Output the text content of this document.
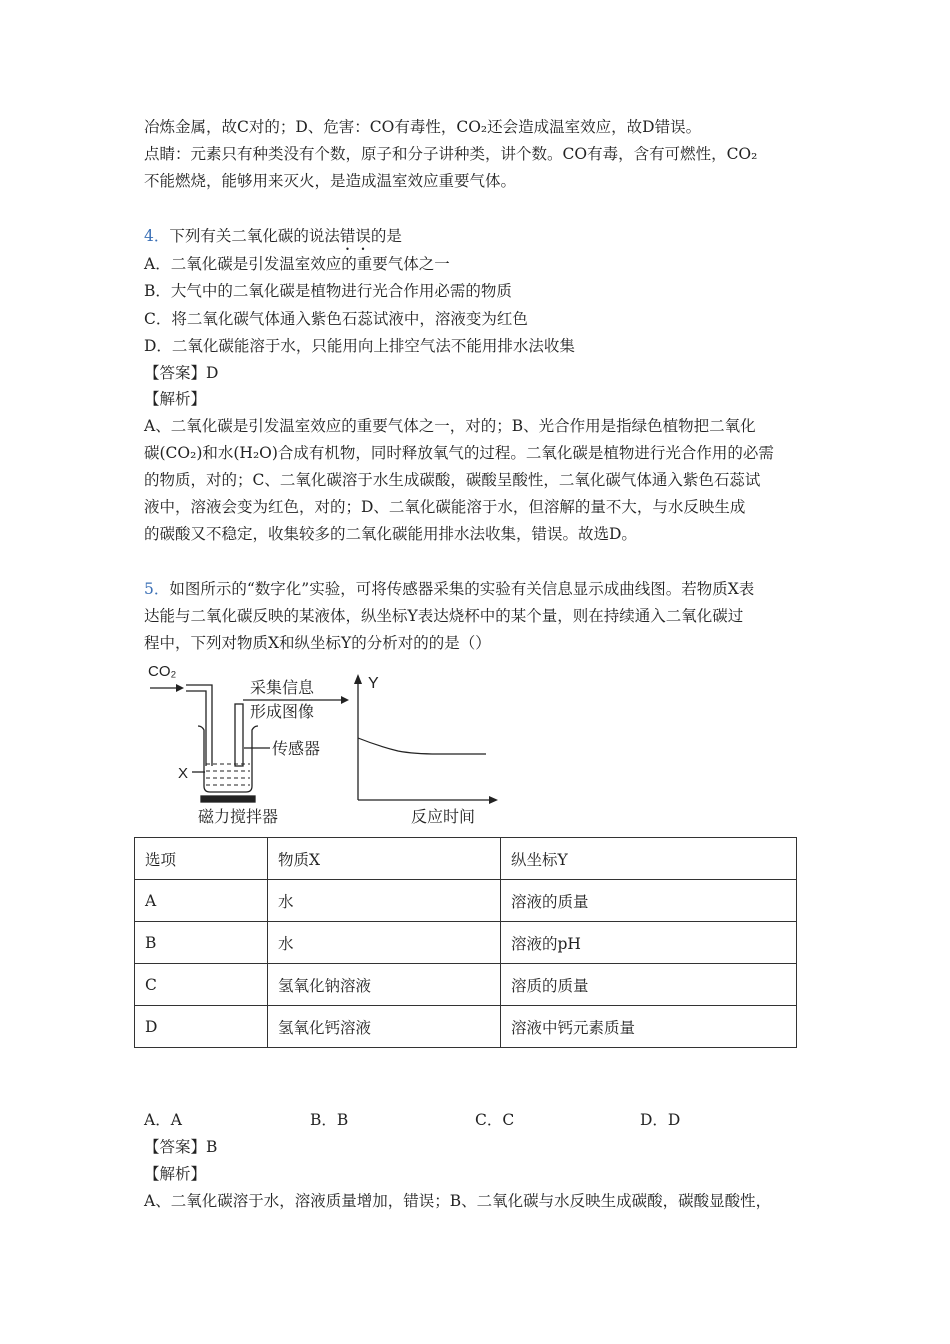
冶炼金属，故C对的；D、危害：CO有毒性，CO₂还会造成温室效应，故D错误。
点睛：元素只有种类没有个数，原子和分子讲种类，讲个数。CO有毒，含有可燃性，CO₂
不能燃烧，能够用来灭火，是造成温室效应重要气体。
4．下列有关二氧化碳的说法错误的是
A．二氧化碳是引发温室效应的重要气体之一
B．大气中的二氧化碳是植物进行光合作用必需的物质
C．将二氧化碳气体通入紫色石蕊试液中，溶液变为红色
D．二氧化碳能溶于水，只能用向上排空气法不能用排水法收集
【答案】D
【解析】
A、二氧化碳是引发温室效应的重要气体之一，对的；B、光合作用是指绿色植物把二氧化
碳(CO₂)和水(H₂O)合成有机物，同时释放氧气的过程。二氧化碳是植物进行光合作用的必需
的物质，对的；C、二氧化碳溶于水生成碳酸，碳酸呈酸性，二氧化碳气体通入紫色石蕊试
液中，溶液会变为红色，对的；D、二氧化碳能溶于水，但溶解的量不大，与水反映生成
的碳酸又不稳定，收集较多的二氧化碳能用排水法收集，错误。故选D。
5．如图所示的“数字化”实验，可将传感器采集的实验有关信息显示成曲线图。若物质X表
达能与二氧化碳反映的某液体，纵坐标Y表达烧杯中的某个量，则在持续通入二氧化碳过
程中，下列对物质X和纵坐标Y的分析对的的是（）
CO₂
X
采集信息
形成图像
传感器
磁力搅拌器
Y
反应时间
选项	物质X	纵坐标Y
A	水	溶液的质量
B	水	溶液的pH
C	氢氧化钠溶液	溶质的质量
D	氢氧化钙溶液	溶液中钙元素质量
A．A	B．B	C．C	D．D
【答案】B
【解析】
A、二氧化碳溶于水，溶液质量增加，错误；B、二氧化碳与水反映生成碳酸，碳酸显酸性，
